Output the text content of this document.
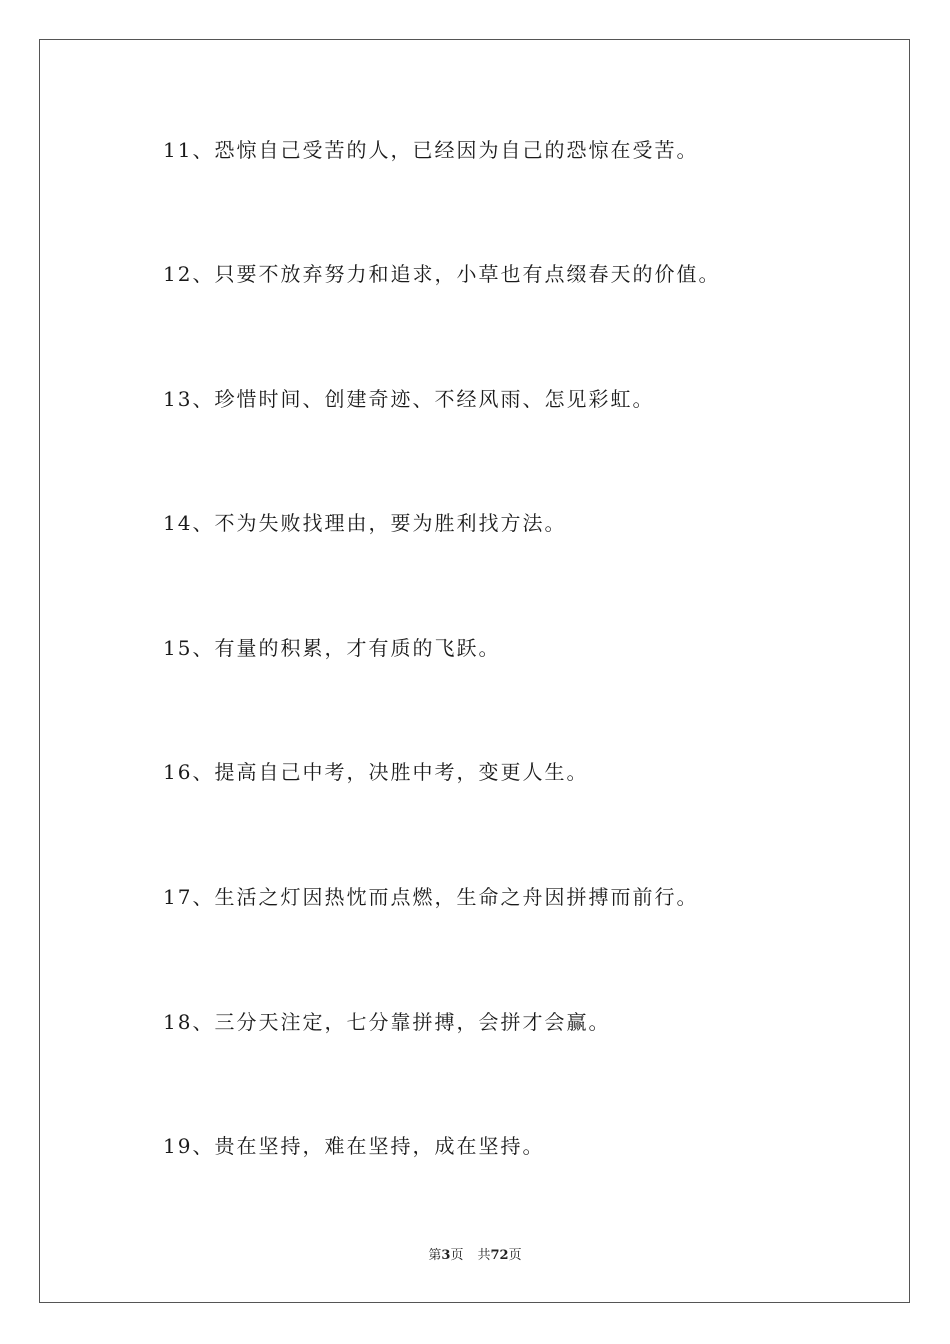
11、恐惊自己受苦的人，已经因为自己的恐惊在受苦。
12、只要不放弃努力和追求，小草也有点缀春天的价值。
13、珍惜时间、创建奇迹、不经风雨、怎见彩虹。
14、不为失败找理由，要为胜利找方法。
15、有量的积累，才有质的飞跃。
16、提高自己中考，决胜中考，变更人生。
17、生活之灯因热忱而点燃，生命之舟因拼搏而前行。
18、三分天注定，七分靠拼搏，会拼才会赢。
19、贵在坚持，难在坚持，成在坚持。
第3页 共72页
